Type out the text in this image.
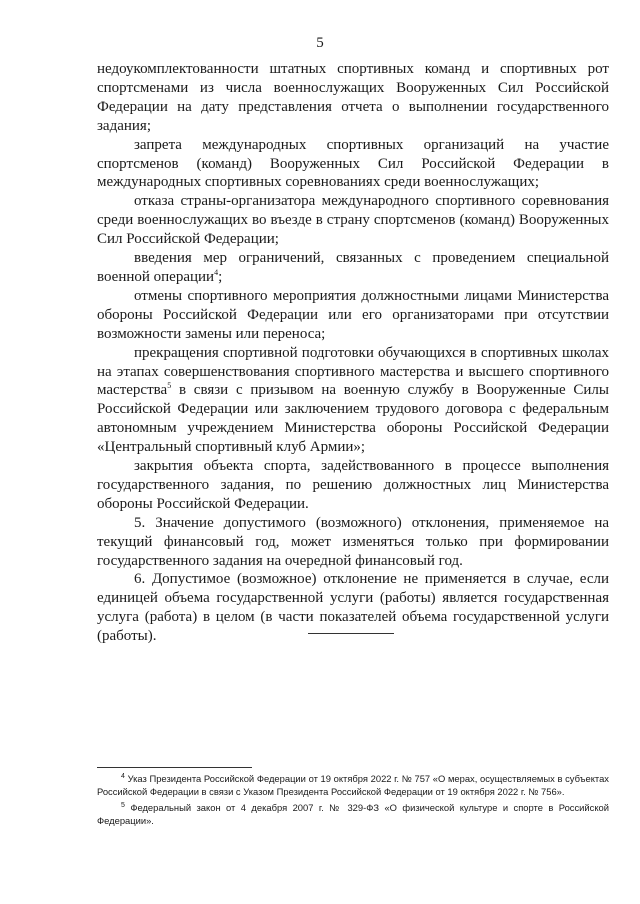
5

недоукомплектованности штатных спортивных команд и спортивных рот спортсменами из числа военнослужащих Вооруженных Сил Российской Федерации на дату представления отчета о выполнении государственного задания;

запрета международных спортивных организаций на участие спортсменов (команд) Вооруженных Сил Российской Федерации в международных спортивных соревнованиях среди военнослужащих;

отказа страны-организатора международного спортивного соревнования среди военнослужащих во въезде в страну спортсменов (команд) Вооруженных Сил Российской Федерации;

введения мер ограничений, связанных с проведением специальной военной операции$^4$;

отмены спортивного мероприятия должностными лицами Министерства обороны Российской Федерации или его организаторами при отсутствии возможности замены или переноса;

прекращения спортивной подготовки обучающихся в спортивных школах на этапах совершенствования спортивного мастерства и высшего спортивного мастерства$^5$ в связи с призывом на военную службу в Вооруженные Силы Российской Федерации или заключением трудового договора с федеральным автономным учреждением Министерства обороны Российской Федерации «Центральный спортивный клуб Армии»;

закрытия объекта спорта, задействованного в процессе выполнения государственного задания, по решению должностных лиц Министерства обороны Российской Федерации.

5. Значение допустимого (возможного) отклонения, применяемое на текущий финансовый год, может изменяться только при формировании государственного задания на очередной финансовый год.

6. Допустимое (возможное) отклонение не применяется в случае, если единицей объема государственной услуги (работы) является государственная услуга (работа) в целом (в части показателей объема государственной услуги (работы).

$^4$ Указ Президента Российской Федерации от 19 октября 2022 г. № 757 «О мерах, осуществляемых в субъектах Российской Федерации в связи с Указом Президента Российской Федерации от 19 октября 2022 г. № 756».

$^5$ Федеральный закон от 4 декабря 2007 г. № 329-ФЗ «О физической культуре и спорте в Российской Федерации».
